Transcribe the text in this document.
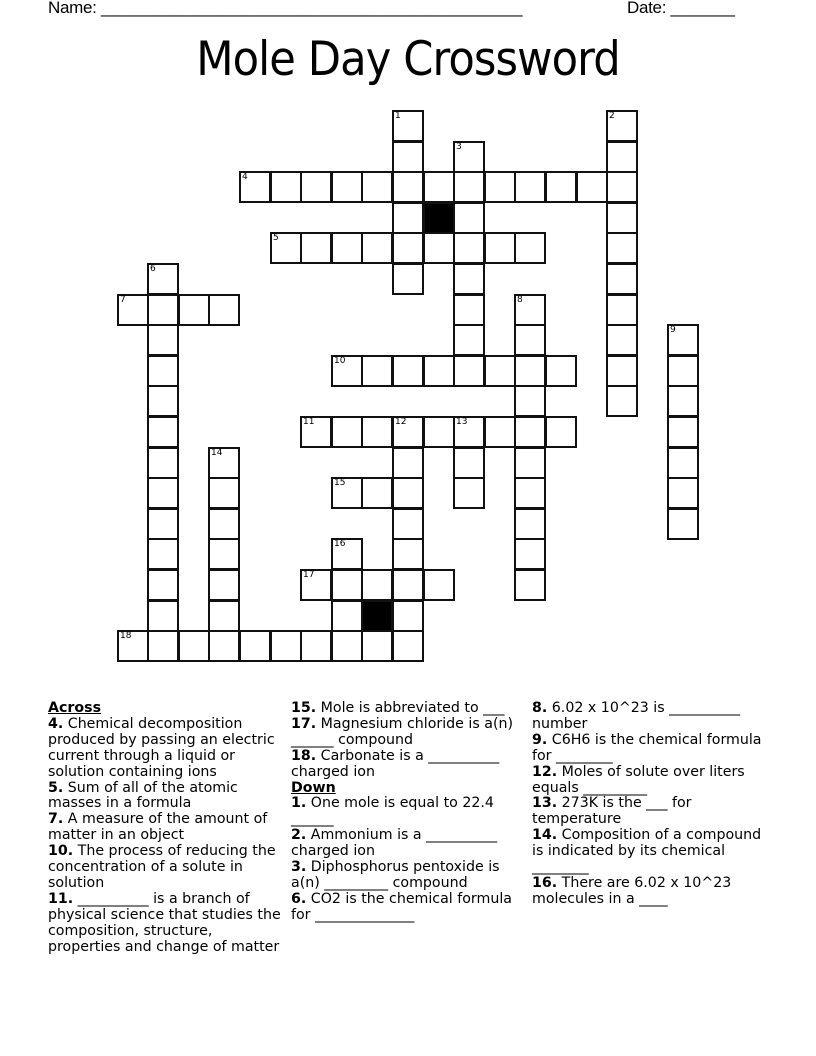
Name: ______________________________________________	Date: _______
Mole Day Crossword
1	2
3
4
5
6
7	8
9
10
11	12	13
14
15
16
17
18

Across

4. Chemical decomposition produced by passing an electric current through a liquid or solution containing ions

5. Sum of all of the atomic masses in a formula

7. A measure of the amount of matter in an object

10. The process of reducing the concentration of a solute in solution

11. __________ is a branch of physical science that studies the composition, structure, properties and change of matter

15. Mole is abbreviated to ___

17. Magnesium chloride is a(n) ______ compound

18. Carbonate is a __________ charged ion

Down

1. One mole is equal to 22.4 ______

2. Ammonium is a __________ charged ion

3. Diphosphorus pentoxide is a(n) _________ compound

6. CO2 is the chemical formula for ______________

8. 6.02 x 10^23 is __________ number

9. C6H6 is the chemical formula for ________

12. Moles of solute over liters equals _________

13. 273K is the ___ for temperature

14. Composition of a compound is indicated by its chemical ________

16. There are 6.02 x 10^23 molecules in a ____
